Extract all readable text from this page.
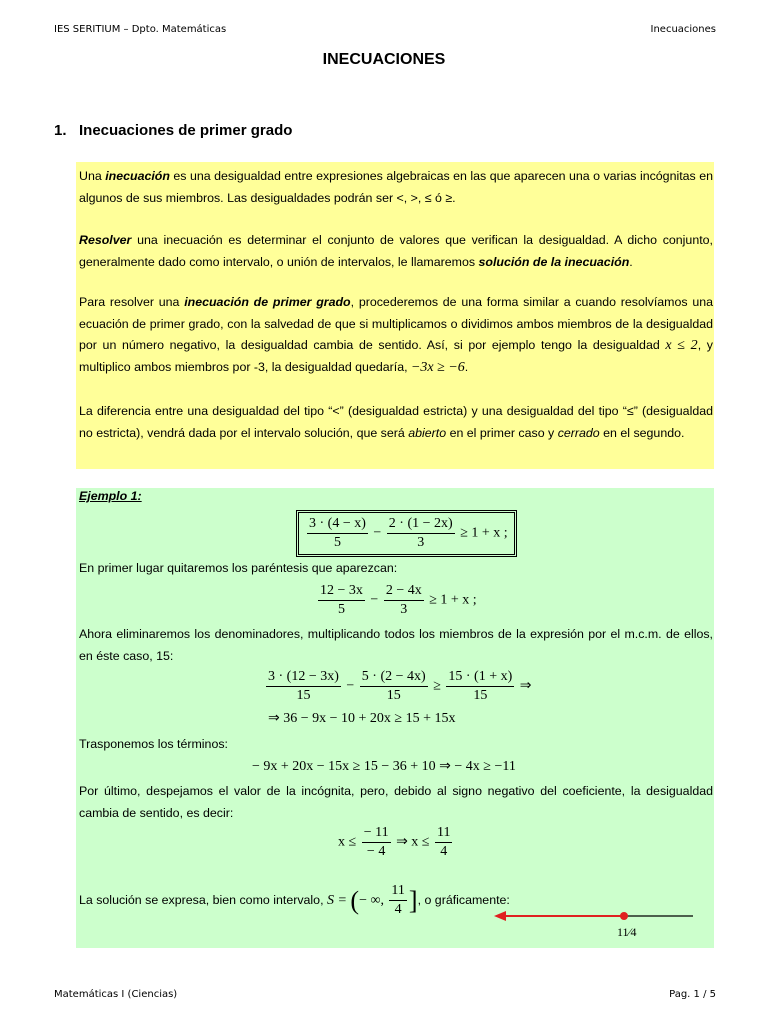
IES SERITIUM – Dpto. Matemáticas	Inecuaciones
INECUACIONES
1. Inecuaciones de primer grado
Una inecuación es una desigualdad entre expresiones algebraicas en las que aparecen una o varias incógnitas en algunos de sus miembros. Las desigualdades podrán ser <, >, ≤ ó ≥.
Resolver una inecuación es determinar el conjunto de valores que verifican la desigualdad. A dicho conjunto, generalmente dado como intervalo, o unión de intervalos, le llamaremos solución de la inecuación.
Para resolver una inecuación de primer grado, procederemos de una forma similar a cuando resolvíamos una ecuación de primer grado, con la salvedad de que si multiplicamos o dividimos ambos miembros de la desigualdad por un número negativo, la desigualdad cambia de sentido. Así, si por ejemplo tengo la desigualdad x ≤ 2, y multiplico ambos miembros por -3, la desigualdad quedaría, −3x ≥ −6.
La diferencia entre una desigualdad del tipo “<” (desigualdad estricta) y una desigualdad del tipo “≤” (desigualdad no estricta), vendrá dada por el intervalo solución, que será abierto en el primer caso y cerrado en el segundo.
Ejemplo 1:
$\frac{3 \cdot (4 - x)}{5} - \frac{2 \cdot (1 - 2x)}{3} \ge 1 + x$ ;
En primer lugar quitaremos los paréntesis que aparezcan:
$\frac{12 - 3x}{5} - \frac{2 - 4x}{3} \ge 1 + x$ ;
Ahora eliminaremos los denominadores, multiplicando todos los miembros de la expresión por el m.c.m. de ellos, en éste caso, 15:
$\frac{3 \cdot (12 - 3x)}{15} - \frac{5 \cdot (2 - 4x)}{15} \ge \frac{15 \cdot (1 + x)}{15}$ ⇒
⇒ 36 − 9x − 10 + 20x ≥ 15 + 15x
Trasponemos los términos:
− 9x + 20x − 15x ≥ 15 − 36 + 10 ⇒ − 4x ≥ −11
Por último, despejamos el valor de la incógnita, pero, debido al signo negativo del coeficiente, la desigualdad cambia de sentido, es decir:
$x \le \frac{- 11}{- 4}$ ⇒ $x \le \frac{11}{4}$
La solución se expresa, bien como intervalo, S = (− ∞, $\frac{11}{4}$ ], o gráficamente:
11⁄4
Matemáticas I (Ciencias)	Pag. 1 / 5
